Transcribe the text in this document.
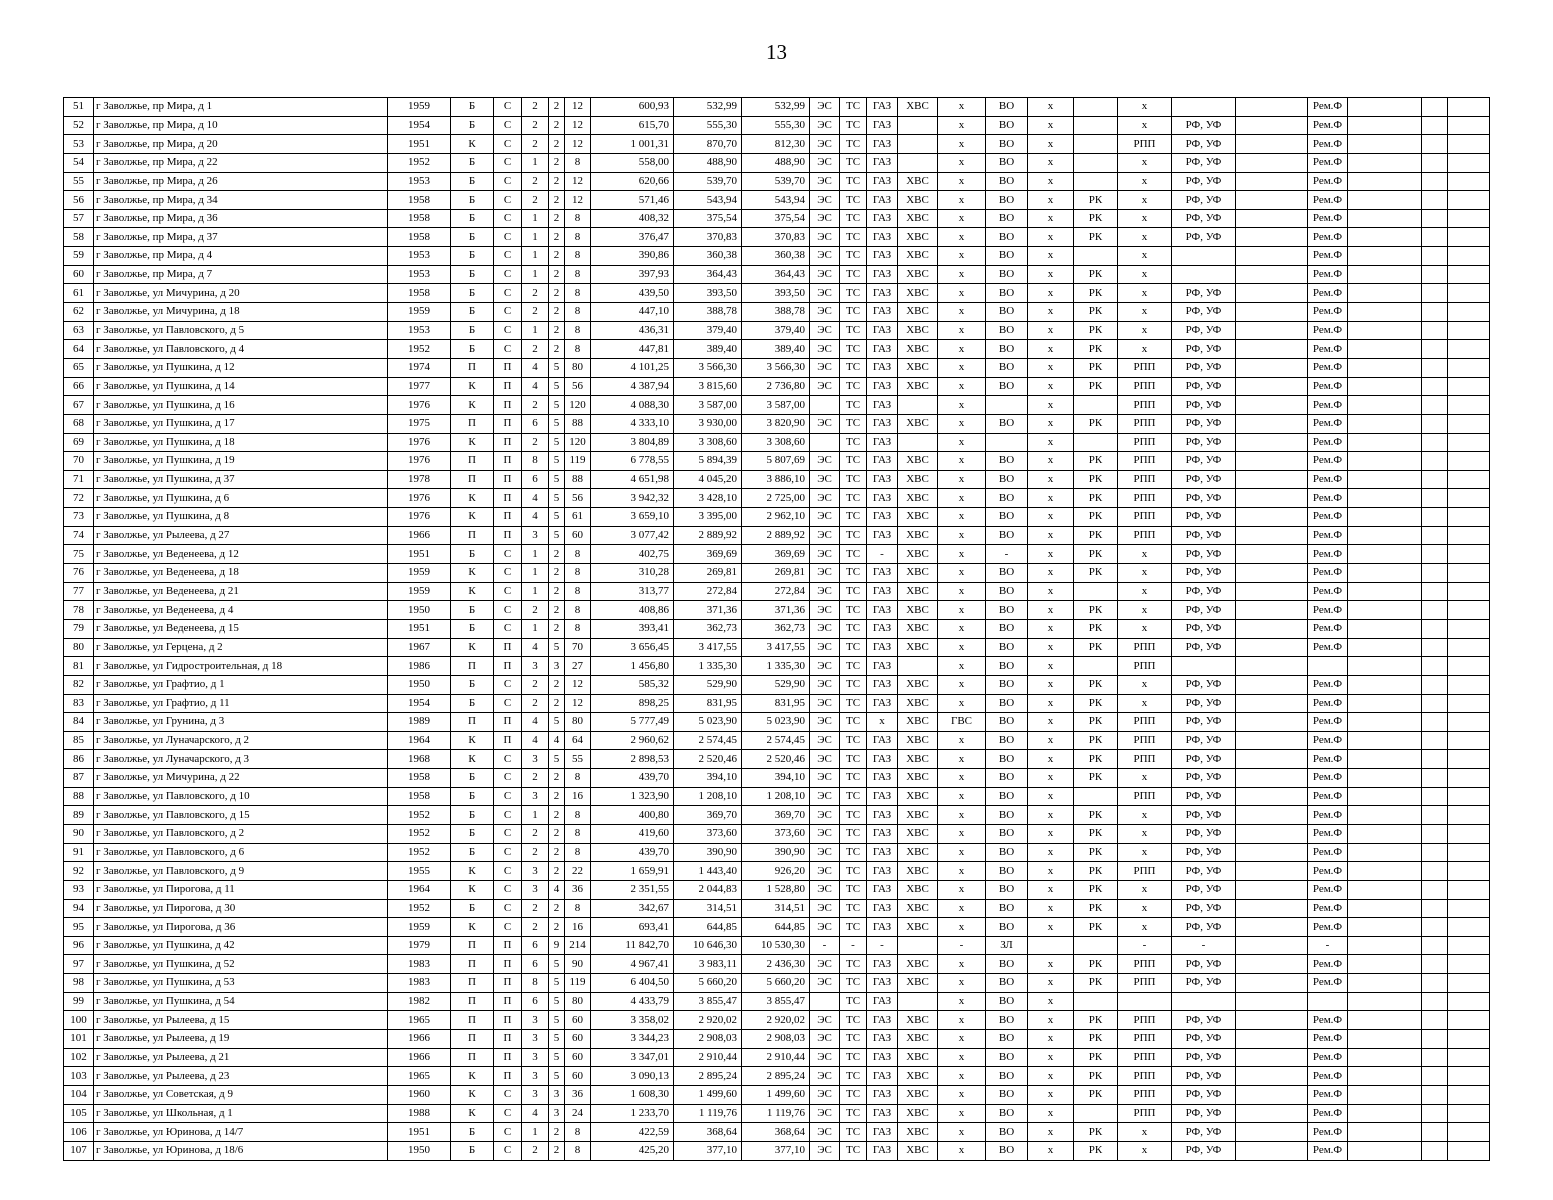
13
51	г Заволжье, пр Мира, д 1	1959	Б	С	2	2	12	600,93	532,99	532,99	ЭС	ТС	ГАЗ	ХВС	х	ВО	х		х			Рем.Ф			
52	г Заволжье, пр Мира, д 10	1954	Б	С	2	2	12	615,70	555,30	555,30	ЭС	ТС	ГАЗ		х	ВО	х		х	РФ, УФ		Рем.Ф			
53	г Заволжье, пр Мира, д 20	1951	К	С	2	2	12	1 001,31	870,70	812,30	ЭС	ТС	ГАЗ		х	ВО	х		РПП	РФ, УФ		Рем.Ф			
54	г Заволжье, пр Мира, д 22	1952	Б	С	1	2	8	558,00	488,90	488,90	ЭС	ТС	ГАЗ		х	ВО	х		х	РФ, УФ		Рем.Ф			
55	г Заволжье, пр Мира, д 26	1953	Б	С	2	2	12	620,66	539,70	539,70	ЭС	ТС	ГАЗ	ХВС	х	ВО	х		х	РФ, УФ		Рем.Ф			
56	г Заволжье, пр Мира, д 34	1958	Б	С	2	2	12	571,46	543,94	543,94	ЭС	ТС	ГАЗ	ХВС	х	ВО	х	РК	х	РФ, УФ		Рем.Ф			
57	г Заволжье, пр Мира, д 36	1958	Б	С	1	2	8	408,32	375,54	375,54	ЭС	ТС	ГАЗ	ХВС	х	ВО	х	РК	х	РФ, УФ		Рем.Ф			
58	г Заволжье, пр Мира, д 37	1958	Б	С	1	2	8	376,47	370,83	370,83	ЭС	ТС	ГАЗ	ХВС	х	ВО	х	РК	х	РФ, УФ		Рем.Ф			
59	г Заволжье, пр Мира, д 4	1953	Б	С	1	2	8	390,86	360,38	360,38	ЭС	ТС	ГАЗ	ХВС	х	ВО	х		х			Рем.Ф			
60	г Заволжье, пр Мира, д 7	1953	Б	С	1	2	8	397,93	364,43	364,43	ЭС	ТС	ГАЗ	ХВС	х	ВО	х	РК	х			Рем.Ф			
61	г Заволжье, ул Мичурина, д 20	1958	Б	С	2	2	8	439,50	393,50	393,50	ЭС	ТС	ГАЗ	ХВС	х	ВО	х	РК	х	РФ, УФ		Рем.Ф			
62	г Заволжье, ул Мичурина, д 18	1959	Б	С	2	2	8	447,10	388,78	388,78	ЭС	ТС	ГАЗ	ХВС	х	ВО	х	РК	х	РФ, УФ		Рем.Ф			
63	г Заволжье, ул Павловского, д 5	1953	Б	С	1	2	8	436,31	379,40	379,40	ЭС	ТС	ГАЗ	ХВС	х	ВО	х	РК	х	РФ, УФ		Рем.Ф			
64	г Заволжье, ул Павловского, д 4	1952	Б	С	2	2	8	447,81	389,40	389,40	ЭС	ТС	ГАЗ	ХВС	х	ВО	х	РК	х	РФ, УФ		Рем.Ф			
65	г Заволжье, ул Пушкина, д 12	1974	П	П	4	5	80	4 101,25	3 566,30	3 566,30	ЭС	ТС	ГАЗ	ХВС	х	ВО	х	РК	РПП	РФ, УФ		Рем.Ф			
66	г Заволжье, ул Пушкина, д 14	1977	К	П	4	5	56	4 387,94	3 815,60	2 736,80	ЭС	ТС	ГАЗ	ХВС	х	ВО	х	РК	РПП	РФ, УФ		Рем.Ф			
67	г Заволжье, ул Пушкина, д 16	1976	К	П	2	5	120	4 088,30	3 587,00	3 587,00		ТС	ГАЗ		х		х		РПП	РФ, УФ		Рем.Ф			
68	г Заволжье, ул Пушкина, д 17	1975	П	П	6	5	88	4 333,10	3 930,00	3 820,90	ЭС	ТС	ГАЗ	ХВС	х	ВО	х	РК	РПП	РФ, УФ		Рем.Ф			
69	г Заволжье, ул Пушкина, д 18	1976	К	П	2	5	120	3 804,89	3 308,60	3 308,60		ТС	ГАЗ		х		х		РПП	РФ, УФ		Рем.Ф			
70	г Заволжье, ул Пушкина, д 19	1976	П	П	8	5	119	6 778,55	5 894,39	5 807,69	ЭС	ТС	ГАЗ	ХВС	х	ВО	х	РК	РПП	РФ, УФ		Рем.Ф			
71	г Заволжье, ул Пушкина, д 37	1978	П	П	6	5	88	4 651,98	4 045,20	3 886,10	ЭС	ТС	ГАЗ	ХВС	х	ВО	х	РК	РПП	РФ, УФ		Рем.Ф			
72	г Заволжье, ул Пушкина, д 6	1976	К	П	4	5	56	3 942,32	3 428,10	2 725,00	ЭС	ТС	ГАЗ	ХВС	х	ВО	х	РК	РПП	РФ, УФ		Рем.Ф			
73	г Заволжье, ул Пушкина, д 8	1976	К	П	4	5	61	3 659,10	3 395,00	2 962,10	ЭС	ТС	ГАЗ	ХВС	х	ВО	х	РК	РПП	РФ, УФ		Рем.Ф			
74	г Заволжье, ул Рылеева, д 27	1966	П	П	3	5	60	3 077,42	2 889,92	2 889,92	ЭС	ТС	ГАЗ	ХВС	х	ВО	х	РК	РПП	РФ, УФ		Рем.Ф			
75	г Заволжье, ул Веденеева, д 12	1951	Б	С	1	2	8	402,75	369,69	369,69	ЭС	ТС	-	ХВС	х	-	х	РК	х	РФ, УФ		Рем.Ф			
76	г Заволжье, ул Веденеева, д 18	1959	К	С	1	2	8	310,28	269,81	269,81	ЭС	ТС	ГАЗ	ХВС	х	ВО	х	РК	х	РФ, УФ		Рем.Ф			
77	г Заволжье, ул Веденеева, д 21	1959	К	С	1	2	8	313,77	272,84	272,84	ЭС	ТС	ГАЗ	ХВС	х	ВО	х		х	РФ, УФ		Рем.Ф			
78	г Заволжье, ул Веденеева, д 4	1950	Б	С	2	2	8	408,86	371,36	371,36	ЭС	ТС	ГАЗ	ХВС	х	ВО	х	РК	х	РФ, УФ		Рем.Ф			
79	г Заволжье, ул Веденеева, д 15	1951	Б	С	1	2	8	393,41	362,73	362,73	ЭС	ТС	ГАЗ	ХВС	х	ВО	х	РК	х	РФ, УФ		Рем.Ф			
80	г Заволжье, ул Герцена, д 2	1967	К	П	4	5	70	3 656,45	3 417,55	3 417,55	ЭС	ТС	ГАЗ	ХВС	х	ВО	х	РК	РПП	РФ, УФ		Рем.Ф			
81	г Заволжье, ул Гидростроительная, д 18	1986	П	П	3	3	27	1 456,80	1 335,30	1 335,30	ЭС	ТС	ГАЗ		х	ВО	х		РПП						
82	г Заволжье, ул Графтио, д 1	1950	Б	С	2	2	12	585,32	529,90	529,90	ЭС	ТС	ГАЗ	ХВС	х	ВО	х	РК	х	РФ, УФ		Рем.Ф			
83	г Заволжье, ул Графтио, д 11	1954	Б	С	2	2	12	898,25	831,95	831,95	ЭС	ТС	ГАЗ	ХВС	х	ВО	х	РК	х	РФ, УФ		Рем.Ф			
84	г Заволжье, ул Грунина, д 3	1989	П	П	4	5	80	5 777,49	5 023,90	5 023,90	ЭС	ТС	х	ХВС	ГВС	ВО	х	РК	РПП	РФ, УФ		Рем.Ф			
85	г Заволжье, ул Луначарского, д 2	1964	К	П	4	4	64	2 960,62	2 574,45	2 574,45	ЭС	ТС	ГАЗ	ХВС	х	ВО	х	РК	РПП	РФ, УФ		Рем.Ф			
86	г Заволжье, ул Луначарского, д 3	1968	К	С	3	5	55	2 898,53	2 520,46	2 520,46	ЭС	ТС	ГАЗ	ХВС	х	ВО	х	РК	РПП	РФ, УФ		Рем.Ф			
87	г Заволжье, ул Мичурина, д 22	1958	Б	С	2	2	8	439,70	394,10	394,10	ЭС	ТС	ГАЗ	ХВС	х	ВО	х	РК	х	РФ, УФ		Рем.Ф			
88	г Заволжье, ул Павловского, д 10	1958	Б	С	3	2	16	1 323,90	1 208,10	1 208,10	ЭС	ТС	ГАЗ	ХВС	х	ВО	х		РПП	РФ, УФ		Рем.Ф			
89	г Заволжье, ул Павловского, д 15	1952	Б	С	1	2	8	400,80	369,70	369,70	ЭС	ТС	ГАЗ	ХВС	х	ВО	х	РК	х	РФ, УФ		Рем.Ф			
90	г Заволжье, ул Павловского, д 2	1952	Б	С	2	2	8	419,60	373,60	373,60	ЭС	ТС	ГАЗ	ХВС	х	ВО	х	РК	х	РФ, УФ		Рем.Ф			
91	г Заволжье, ул Павловского, д 6	1952	Б	С	2	2	8	439,70	390,90	390,90	ЭС	ТС	ГАЗ	ХВС	х	ВО	х	РК	х	РФ, УФ		Рем.Ф			
92	г Заволжье, ул Павловского, д 9	1955	К	С	3	2	22	1 659,91	1 443,40	926,20	ЭС	ТС	ГАЗ	ХВС	х	ВО	х	РК	РПП	РФ, УФ		Рем.Ф			
93	г Заволжье, ул Пирогова, д 11	1964	К	С	3	4	36	2 351,55	2 044,83	1 528,80	ЭС	ТС	ГАЗ	ХВС	х	ВО	х	РК	х	РФ, УФ		Рем.Ф			
94	г Заволжье, ул Пирогова, д 30	1952	Б	С	2	2	8	342,67	314,51	314,51	ЭС	ТС	ГАЗ	ХВС	х	ВО	х	РК	х	РФ, УФ		Рем.Ф			
95	г Заволжье, ул Пирогова, д 36	1959	К	С	2	2	16	693,41	644,85	644,85	ЭС	ТС	ГАЗ	ХВС	х	ВО	х	РК	х	РФ, УФ		Рем.Ф			
96	г Заволжье, ул Пушкина, д 42	1979	П	П	6	9	214	11 842,70	10 646,30	10 530,30	-	-	-		-	ЗЛ			-	-		-			
97	г Заволжье, ул Пушкина, д 52	1983	П	П	6	5	90	4 967,41	3 983,11	2 436,30	ЭС	ТС	ГАЗ	ХВС	х	ВО	х	РК	РПП	РФ, УФ		Рем.Ф			
98	г Заволжье, ул Пушкина, д 53	1983	П	П	8	5	119	6 404,50	5 660,20	5 660,20	ЭС	ТС	ГАЗ	ХВС	х	ВО	х	РК	РПП	РФ, УФ		Рем.Ф			
99	г Заволжье, ул Пушкина, д 54	1982	П	П	6	5	80	4 433,79	3 855,47	3 855,47		ТС	ГАЗ		х	ВО	х								
100	г Заволжье, ул Рылеева, д 15	1965	П	П	3	5	60	3 358,02	2 920,02	2 920,02	ЭС	ТС	ГАЗ	ХВС	х	ВО	х	РК	РПП	РФ, УФ		Рем.Ф			
101	г Заволжье, ул Рылеева, д 19	1966	П	П	3	5	60	3 344,23	2 908,03	2 908,03	ЭС	ТС	ГАЗ	ХВС	х	ВО	х	РК	РПП	РФ, УФ		Рем.Ф			
102	г Заволжье, ул Рылеева, д 21	1966	П	П	3	5	60	3 347,01	2 910,44	2 910,44	ЭС	ТС	ГАЗ	ХВС	х	ВО	х	РК	РПП	РФ, УФ		Рем.Ф			
103	г Заволжье, ул Рылеева, д 23	1965	К	П	3	5	60	3 090,13	2 895,24	2 895,24	ЭС	ТС	ГАЗ	ХВС	х	ВО	х	РК	РПП	РФ, УФ		Рем.Ф			
104	г Заволжье, ул Советская, д 9	1960	К	С	3	3	36	1 608,30	1 499,60	1 499,60	ЭС	ТС	ГАЗ	ХВС	х	ВО	х	РК	РПП	РФ, УФ		Рем.Ф			
105	г Заволжье, ул Школьная, д 1	1988	К	С	4	3	24	1 233,70	1 119,76	1 119,76	ЭС	ТС	ГАЗ	ХВС	х	ВО	х		РПП	РФ, УФ		Рем.Ф			
106	г Заволжье, ул Юринова, д 14/7	1951	Б	С	1	2	8	422,59	368,64	368,64	ЭС	ТС	ГАЗ	ХВС	х	ВО	х	РК	х	РФ, УФ		Рем.Ф			
107	г Заволжье, ул Юринова, д 18/6	1950	Б	С	2	2	8	425,20	377,10	377,10	ЭС	ТС	ГАЗ	ХВС	х	ВО	х	РК	х	РФ, УФ		Рем.Ф			
